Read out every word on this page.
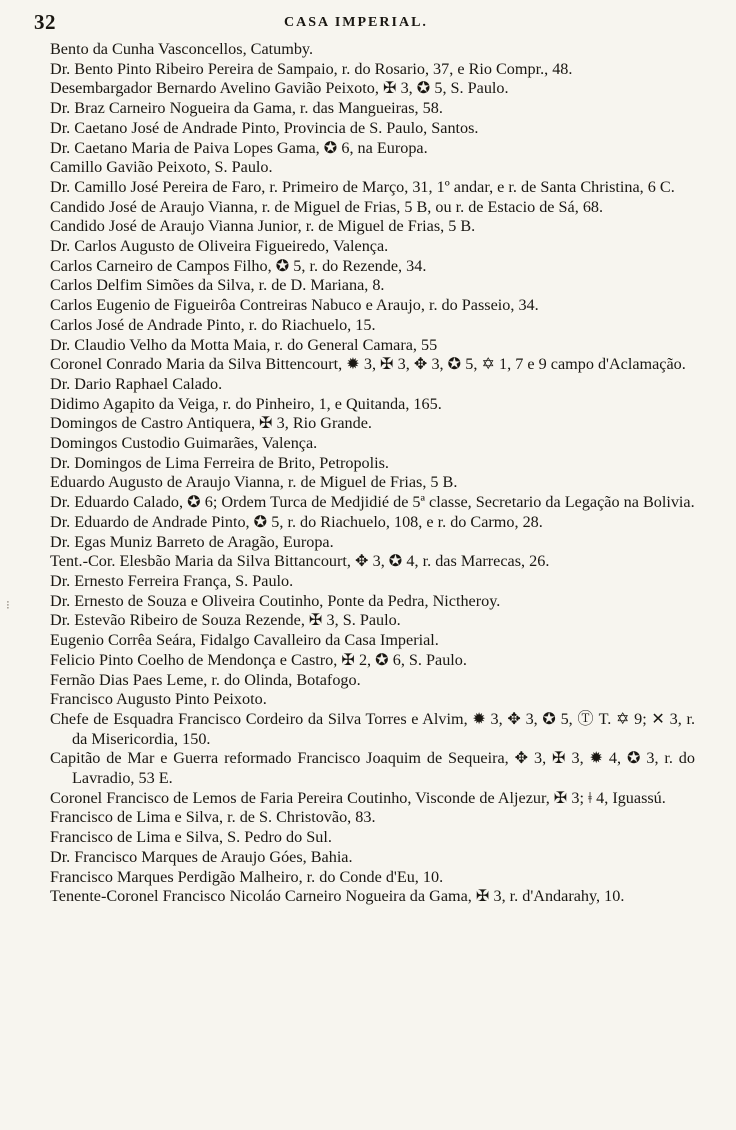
32	CASA IMPERIAL.
Bento da Cunha Vasconcellos, Catumby.
Dr. Bento Pinto Ribeiro Pereira de Sampaio, r. do Rosario, 37, e Rio Compr., 48.
Desembargador Bernardo Avelino Gavião Peixoto, ✠ 3, ✪ 5, S. Paulo.
Dr. Braz Carneiro Nogueira da Gama, r. das Mangueiras, 58.
Dr. Caetano José de Andrade Pinto, Provincia de S. Paulo, Santos.
Dr. Caetano Maria de Paiva Lopes Gama, ✪ 6, na Europa.
Camillo Gavião Peixoto, S. Paulo.
Dr. Camillo José Pereira de Faro, r. Primeiro de Março, 31, 1º andar, e r. de Santa Christina, 6 C.
Candido José de Araujo Vianna, r. de Miguel de Frias, 5 B, ou r. de Estacio de Sá, 68.
Candido José de Araujo Vianna Junior, r. de Miguel de Frias, 5 B.
Dr. Carlos Augusto de Oliveira Figueiredo, Valença.
Carlos Carneiro de Campos Filho, ✪ 5, r. do Rezende, 34.
Carlos Delfim Simões da Silva, r. de D. Mariana, 8.
Carlos Eugenio de Figueirôa Contreiras Nabuco e Araujo, r. do Passeio, 34.
Carlos José de Andrade Pinto, r. do Riachuelo, 15.
Dr. Claudio Velho da Motta Maia, r. do General Camara, 55
Coronel Conrado Maria da Silva Bittencourt, ✹ 3, ✠ 3, ✥ 3, ✪ 5, ✡ 1, 7 e 9 campo d'Aclamação.
Dr. Dario Raphael Calado.
Didimo Agapito da Veiga, r. do Pinheiro, 1, e Quitanda, 165.
Domingos de Castro Antiquera, ✠ 3, Rio Grande.
Domingos Custodio Guimarães, Valença.
Dr. Domingos de Lima Ferreira de Brito, Petropolis.
Eduardo Augusto de Araujo Vianna, r. de Miguel de Frias, 5 B.
Dr. Eduardo Calado, ✪ 6; Ordem Turca de Medjidié de 5ª classe, Secretario da Legação na Bolivia.
Dr. Eduardo de Andrade Pinto, ✪ 5, r. do Riachuelo, 108, e r. do Carmo, 28.
Dr. Egas Muniz Barreto de Aragão, Europa.
Tent.-Cor. Elesbão Maria da Silva Bittancourt, ✥ 3, ✪ 4, r. das Marrecas, 26.
Dr. Ernesto Ferreira França, S. Paulo.
Dr. Ernesto de Souza e Oliveira Coutinho, Ponte da Pedra, Nictheroy.
Dr. Estevão Ribeiro de Souza Rezende, ✠ 3, S. Paulo.
Eugenio Corrêa Seára, Fidalgo Cavalleiro da Casa Imperial.
Felicio Pinto Coelho de Mendonça e Castro, ✠ 2, ✪ 6, S. Paulo.
Fernão Dias Paes Leme, r. do Olinda, Botafogo.
Francisco Augusto Pinto Peixoto.
Chefe de Esquadra Francisco Cordeiro da Silva Torres e Alvim, ✹ 3, ✥ 3, ✪ 5, Ⓣ T. ✡ 9; ✕ 3, r. da Misericordia, 150.
Capitão de Mar e Guerra reformado Francisco Joaquim de Sequeira, ✥ 3, ✠ 3, ✹ 4, ✪ 3, r. do Lavradio, 53 E.
Coronel Francisco de Lemos de Faria Pereira Coutinho, Visconde de Aljezur, ✠ 3; ǂ 4, Iguassú.
Francisco de Lima e Silva, r. de S. Christovão, 83.
Francisco de Lima e Silva, S. Pedro do Sul.
Dr. Francisco Marques de Araujo Góes, Bahia.
Francisco Marques Perdigão Malheiro, r. do Conde d'Eu, 10.
Tenente-Coronel Francisco Nicoláo Carneiro Nogueira da Gama, ✠ 3, r. d'Andarahy, 10.
⁝
